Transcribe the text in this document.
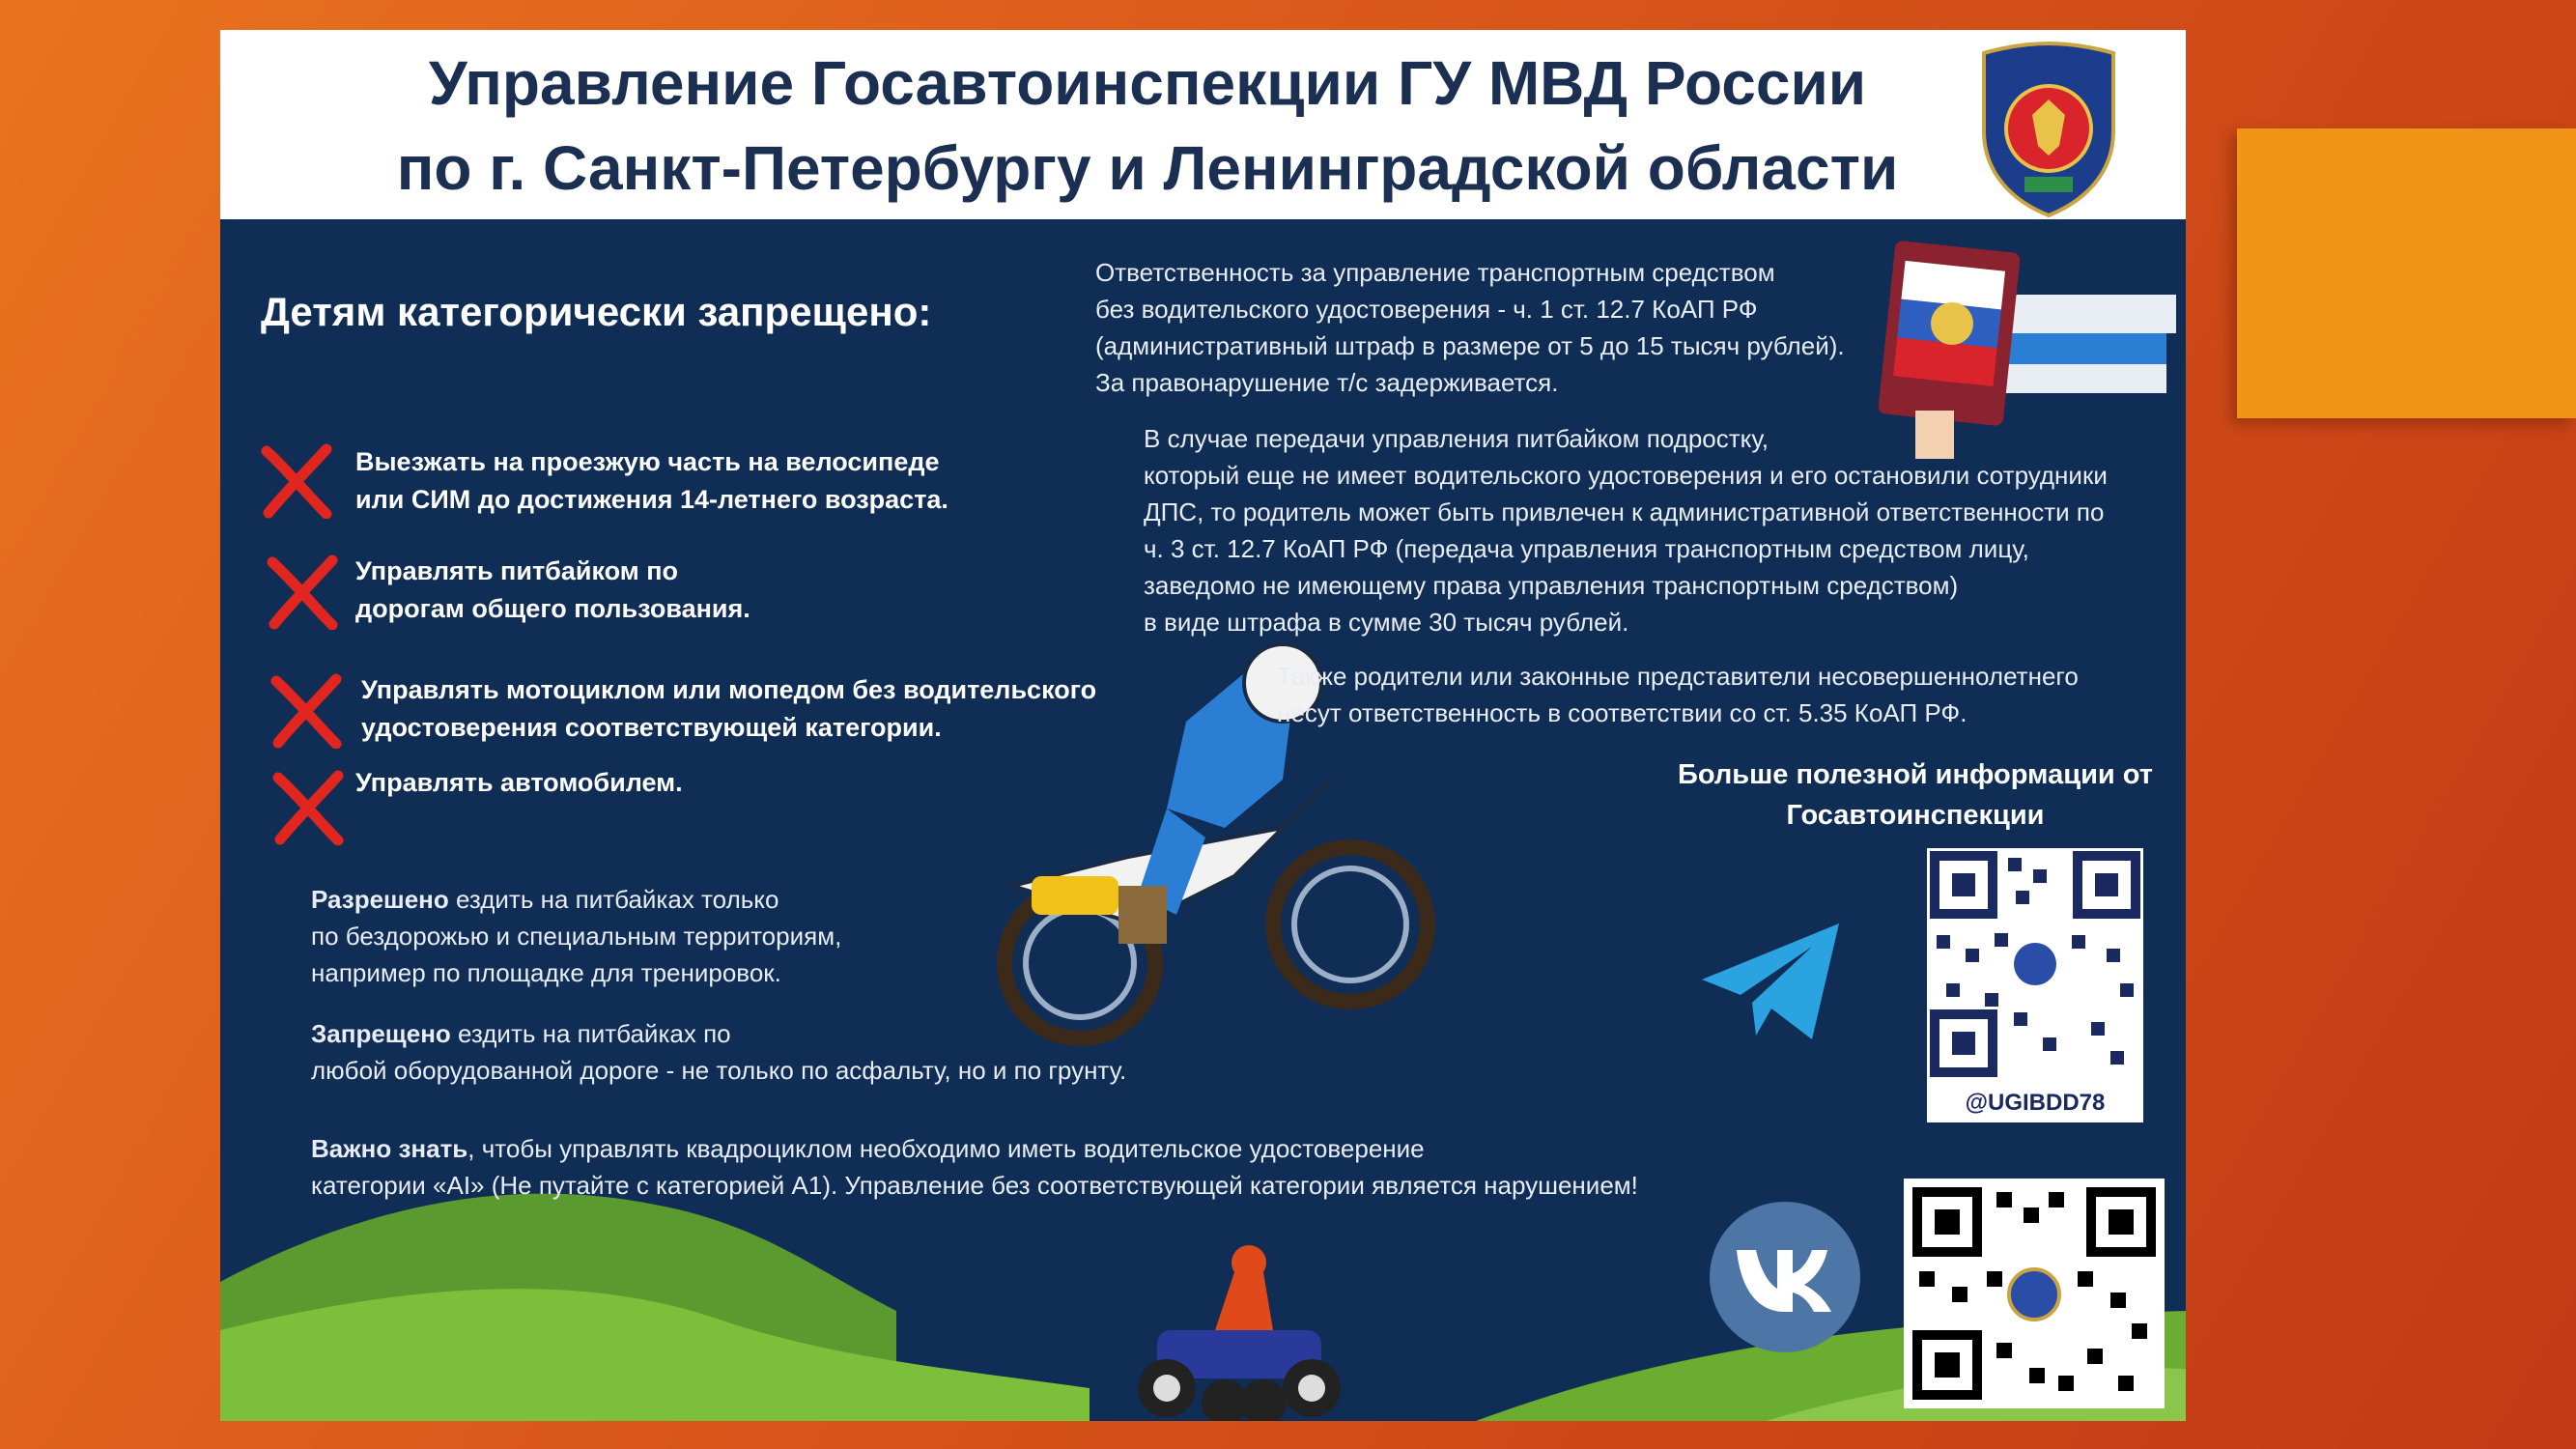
Управление Госавтоинспекции ГУ МВД России
по г. Санкт-Петербургу и Ленинградской области
Детям категорически запрещено:
Выезжать на проезжую часть на велосипеде
или СИМ до достижения 14-летнего возраста.
Управлять питбайком по
дорогам общего пользования.
Управлять мотоциклом или мопедом без водительского
удостоверения соответствующей категории.
Управлять автомобилем.
Разрешено ездить на питбайках только
по бездорожью и специальным территориям,
например по площадке для тренировок.
Запрещено ездить на питбайках по
любой оборудованной дороге - не только по асфальту, но и по грунту.
Важно знать, чтобы управлять квадроциклом необходимо иметь водительское удостоверение
категории «AI» (Не путайте с категорией А1). Управление без соответствующей категории является нарушением!
Ответственность за управление транспортным средством
без водительского удостоверения - ч. 1 ст. 12.7 КоАП РФ
(административный штраф в размере от 5 до 15 тысяч рублей).
За правонарушение т/с задерживается.
В случае передачи управления питбайком подростку,
который еще не имеет водительского удостоверения и его остановили сотрудники
ДПС, то родитель может быть привлечен к административной ответственности по
ч. 3 ст. 12.7 КоАП РФ (передача управления транспортным средством лицу,
заведомо не имеющему права управления транспортным средством)
в виде штрафа в сумме 30 тысяч рублей.
Также родители или законные представители несовершеннолетнего
несут ответственность в соответствии со ст. 5.35 КоАП РФ.
Больше полезной информации от
Госавтоинспекции
@UGIBDD78
